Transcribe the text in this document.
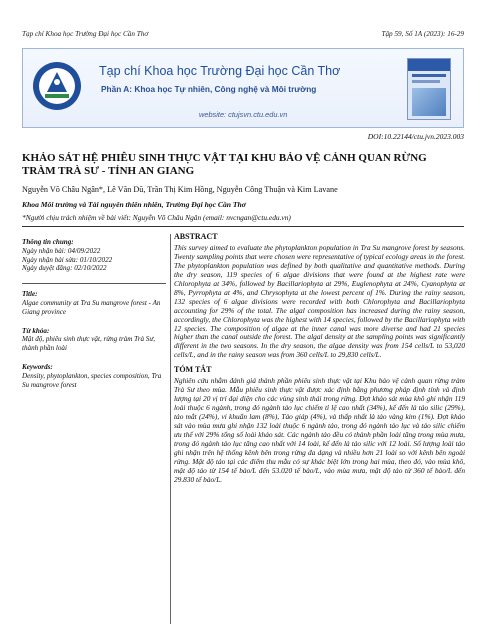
Tạp chí Khoa học Trường Đại học Cần Thơ	Tập 59, Số 1A (2023): 16-29
Tạp chí Khoa học Trường Đại học Cần Thơ
Phần A: Khoa học Tự nhiên, Công nghệ và Môi trường
website: ctujsvn.ctu.edu.vn
DOI:10.22144/ctu.jvn.2023.003
KHẢO SÁT HỆ PHIÊU SINH THỰC VẬT TẠI KHU BẢO VỆ CẢNH QUAN RỪNG TRÀM TRÀ SƯ - TỈNH AN GIANG
Nguyễn Võ Châu Ngân*, Lê Văn Dũ, Trần Thị Kim Hồng, Nguyễn Công Thuận và Kim Lavane
Khoa Môi trường và Tài nguyên thiên nhiên, Trường Đại học Cần Thơ
*Người chịu trách nhiệm về bài viết: Nguyễn Võ Châu Ngân (email: nvcngan@ctu.edu.vn)
Thông tin chung:
Ngày nhận bài: 04/09/2022
Ngày nhận bài sửa: 01/10/2022
Ngày duyệt đăng: 02/10/2022
Title:
Algae community at Tra Su mangrove forest - An Giang province
Từ khóa:
Mật độ, phiêu sinh thực vật, rừng tràm Trà Sư, thành phần loài
Keywords:
Density, phytoplankton, species composition, Tra Su mangrove forest
ABSTRACT
This survey aimed to evaluate the phytoplankton population in Tra Su mangrove forest by seasons. Twenty sampling points that were chosen were representative of typical ecology areas in the forest. The phytoplankton population was defined by both qualitative and quantitative methods. During the dry season, 119 species of 6 algae divisions that were found at the highest rate were Chlorophyta at 34%, followed by Bacillariophyta at 29%, Euglenophyta at 24%, Cyanophyta at 8%, Pyrrophyta at 4%, and Chrysophyta at the lowest percent of 1%. During the rainy season, 132 species of 6 algae divisions were recorded with both Chlorophyta and Bacillariophyta accounting for 29% of the total. The algal composition has increased during the rainy season, accordingly, the Chlorophyta was the highest with 14 species, followed by the Bacillariophyta with 12 species. The composition of algae at the inner canal was more diverse and had 21 species higher than the canal outside the forest. The algal density at the sampling points was significantly different in the two seasons. In the dry season, the algae density was from 154 cells/L to 53,020 cells/L, and in the rainy season was from 360 cells/L to 29,830 cells/L.
TÓM TẮT
Nghiên cứu nhằm đánh giá thành phần phiêu sinh thực vật tại Khu bảo vệ cảnh quan rừng tràm Trà Sư theo mùa. Mẫu phiêu sinh thực vật được xác định bằng phương pháp định tính và định lượng tại 20 vị trí đại diện cho các vùng sinh thái trong rừng. Đợt khảo sát mùa khô ghi nhận 119 loài thuộc 6 ngành, trong đó ngành tảo lục chiếm tỉ lệ cao nhất (34%), kế đến là tảo silic (29%), tảo mắt (24%), vi khuẩn lam (8%), Tảo giáp (4%), và thấp nhất là tảo vàng kim (1%). Đợt khảo sát vào mùa mưa ghi nhận 132 loài thuộc 6 ngành tảo, trong đó ngành tảo lục và tảo silic chiếm ưu thế với 29% tổng số loài khảo sát. Các ngành tảo đều có thành phần loài tăng trong mùa mưa, trong đó ngành tảo lục tăng cao nhất với 14 loài, kế đến là tảo silic với 12 loài. Số lượng loài tảo ghi nhận trên hệ thống kênh bên trong rừng đa dạng và nhiều hơn 21 loài so với kênh bên ngoài rừng. Mật độ tảo tại các điểm thu mẫu có sự khác biệt lớn trong hai mùa, theo đó, vào mùa khô, mật độ tảo từ 154 tế bào/L đến 53.020 tế bào/L, vào mùa mưa, mật độ tảo từ 360 tế bào/L đến 29.830 tế bào/L.
